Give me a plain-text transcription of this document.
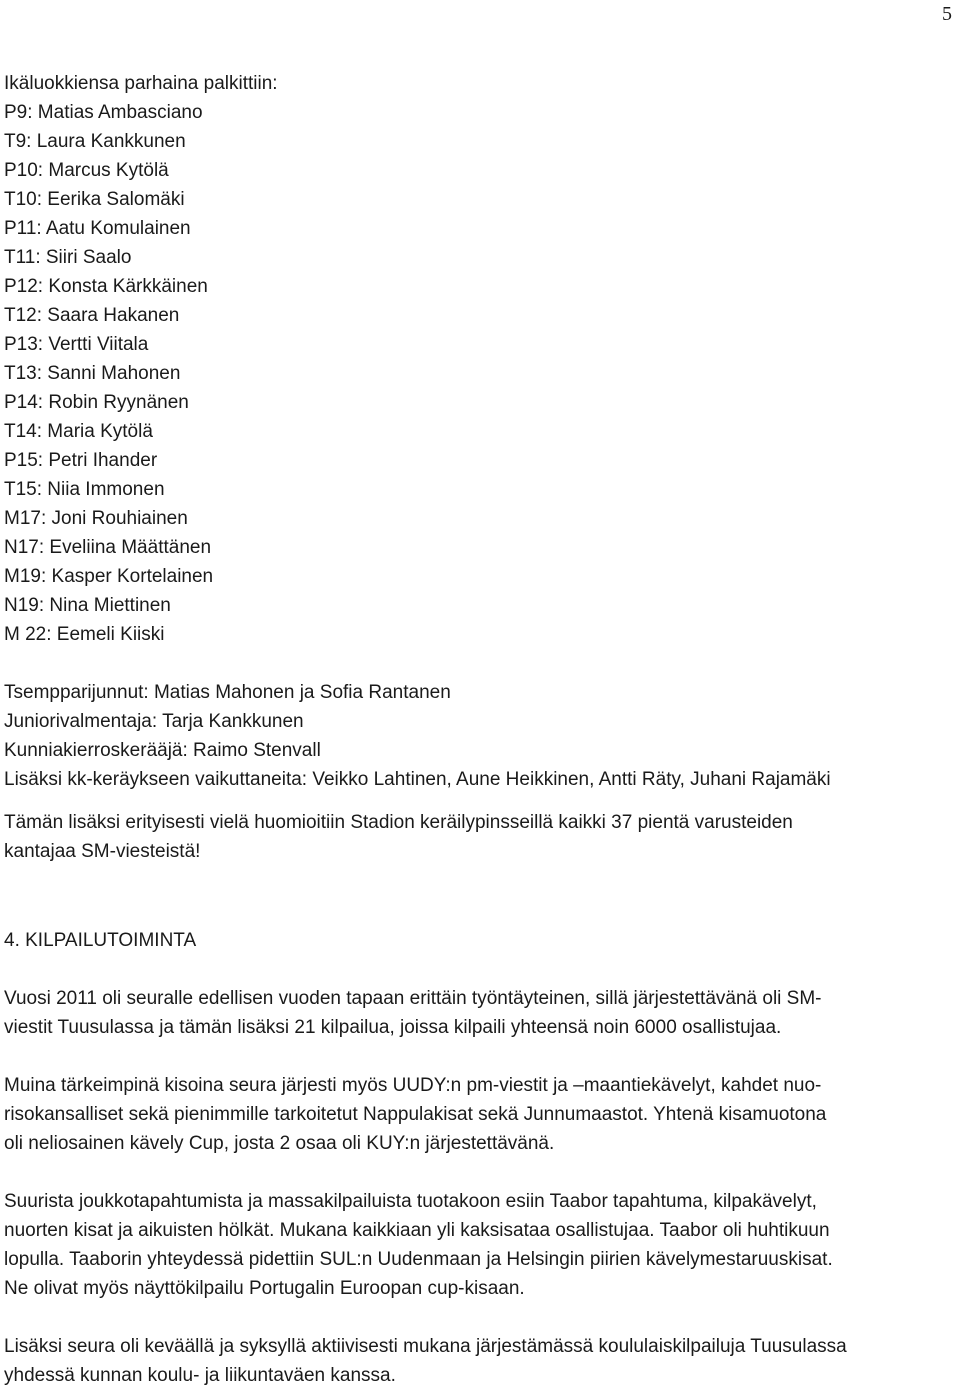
5
Ikäluokkiensa parhaina palkittiin:
P9: Matias Ambasciano
T9: Laura Kankkunen
P10: Marcus Kytölä
T10: Eerika Salomäki
P11: Aatu Komulainen
T11: Siiri Saalo
P12: Konsta Kärkkäinen
T12: Saara Hakanen
P13: Vertti Viitala
T13: Sanni Mahonen
P14: Robin Ryynänen
T14: Maria Kytölä
P15: Petri Ihander
T15: Niia Immonen
M17: Joni Rouhiainen
N17: Eveliina Määttänen
M19: Kasper Kortelainen
N19: Nina Miettinen
M 22: Eemeli Kiiski
Tsempparijunnut: Matias Mahonen ja Sofia Rantanen
Juniorivalmentaja: Tarja Kankkunen
Kunniakierroskerääjä: Raimo Stenvall
Lisäksi kk-keräykseen vaikuttaneita: Veikko Lahtinen, Aune Heikkinen, Antti Räty, Juhani Rajamäki
Tämän lisäksi erityisesti vielä huomioitiin Stadion keräilypinsseillä kaikki 37 pientä varusteiden
kantajaa SM-viesteistä!
4. KILPAILUTOIMINTA
Vuosi 2011 oli seuralle edellisen vuoden tapaan erittäin työntäyteinen, sillä järjestettävänä oli SM-
viestit Tuusulassa ja tämän lisäksi 21 kilpailua, joissa kilpaili yhteensä noin 6000 osallistujaa.
Muina tärkeimpinä kisoina seura järjesti myös UUDY:n pm-viestit ja –maantiekävelyt, kahdet nuo-
risokansalliset sekä pienimmille tarkoitetut Nappulakisat sekä Junnumaastot. Yhtenä kisamuotona
oli neliosainen kävely Cup, josta 2 osaa oli KUY:n järjestettävänä.
Suurista joukkotapahtumista ja massakilpailuista tuotakoon esiin Taabor tapahtuma, kilpakävelyt,
nuorten kisat ja aikuisten hölkät. Mukana kaikkiaan yli kaksisataa osallistujaa. Taabor oli huhtikuun
lopulla. Taaborin yhteydessä pidettiin SUL:n Uudenmaan ja Helsingin piirien kävelymestaruuskisat.
Ne olivat myös näyttökilpailu Portugalin Euroopan cup-kisaan.
Lisäksi seura oli keväällä ja syksyllä aktiivisesti mukana järjestämässä koululaiskilpailuja Tuusulassa
yhdessä kunnan koulu- ja liikuntaväen kanssa.
